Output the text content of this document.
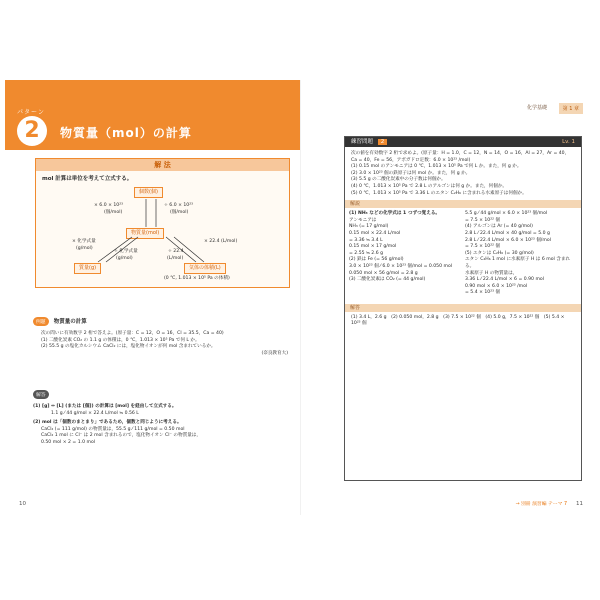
パターン
2	物質量（mol）の計算
解 法
mol 計算は単位を考えて立式する。
個数(個)
物質量(mol)
質量(g)	気体の体積(L)
× 6.0 × 10²³
(個/mol)
÷ 6.0 × 10²³
(個/mol)
× 化学式量
(g/mol)
÷ 化学式量
(g/mol)
× 22.4 (L/mol)
÷ 22.4
(L/mol)
(0 ℃, 1.013 × 10⁵ Pa の体積)
例題 物質量の計算
次の問いに有効数字 2 桁で答えよ。(原子量：C = 12，O = 16，Cl = 35.5，Ca = 40)
(1) 二酸化炭素 CO₂ の 1.1 g の体積は，0 ℃，1.013 × 10⁵ Pa で何 L か。
(2) 55.5 g の塩化カルシウム CaCl₂ には，塩化物イオンが何 mol 含まれているか。
(奈良教育大)
解答
(1) [g] ⇔ [L] (または [個]) の計算は [mol] を経由して立式する。
1.1 g ⁄ 44 g/mol × 22.4 L/mol ≒ 0.56 L
(2) mol は「個数のまとまり」であるため，個数と同じように考える。
CaCl₂ (= 111 g/mol) の物質量は，55.5 g ⁄ 111 g/mol = 0.50 mol
CaCl₂ 1 mol に Cl⁻ は 2 mol 含まれるので，塩化物イオン Cl⁻ の物質量は，
0.50 mol × 2 = 1.0 mol
10
化学基礎	第 1 章
練習問題 2	Lv. 1
次の値を有効数字 2 桁で求めよ。(原子量：H = 1.0，C = 12，N = 14，O = 16，Al = 27，Ar = 40，Ca = 40，Fe = 56，アボガドロ定数：6.0 × 10²³ /mol)
(1) 0.15 mol のアンモニアは 0 ℃，1.013 × 10⁵ Pa で何 L か。また，何 g か。
(2) 3.0 × 10²³ 個の鉄原子は何 mol か。また，何 g か。
(3) 5.5 g の二酸化炭素中の分子数は何個か。
(4) 0 ℃，1.013 × 10⁵ Pa で 2.8 L のアルゴンは何 g か。また，何個か。
(5) 0 ℃，1.013 × 10⁵ Pa で 3.36 L のエタン C₂H₆ に含まれる水素原子は何個か。
解説
(1) NH₃ などの化学式は 1 つずつ覚える。
アンモニアは
NH₃ (= 17 g/mol)
0.15 mol × 22.4 L/mol
= 3.36 ≒ 3.4 L
0.15 mol × 17 g/mol
= 2.55 ≒ 2.6 g
(2) 鉄は Fe (= 56 g/mol)
3.0 × 10²³ 個 ⁄ 6.0 × 10²³ 個/mol = 0.050 mol
0.050 mol × 56 g/mol = 2.8 g
(3) 二酸化炭素は CO₂ (= 44 g/mol)
5.5 g ⁄ 44 g/mol × 6.0 × 10²³ 個/mol
= 7.5 × 10²² 個
(4) アルゴンは Ar (= 40 g/mol)
2.8 L ⁄ 22.4 L/mol × 40 g/mol = 5.0 g
2.8 L ⁄ 22.4 L/mol × 6.0 × 10²³ 個/mol
= 7.5 × 10²² 個
(5) エタンは C₂H₆ (= 30 g/mol)
エタン C₂H₆ 1 mol に水素原子 H は 6 mol 含まれる。
水素原子 H の物質量は，
3.36 L ⁄ 22.4 L/mol × 6 = 0.90 mol
0.90 mol × 6.0 × 10²³ /mol
= 5.4 × 10²³ 個
解答
(1) 3.4 L，2.6 g　(2) 0.050 mol，2.8 g　(3) 7.5 × 10²² 個　(4) 5.0 g，7.5 × 10²² 個　(5) 5.4 × 10²³ 個
→ 別冊 演習編 テーマ 7 11
